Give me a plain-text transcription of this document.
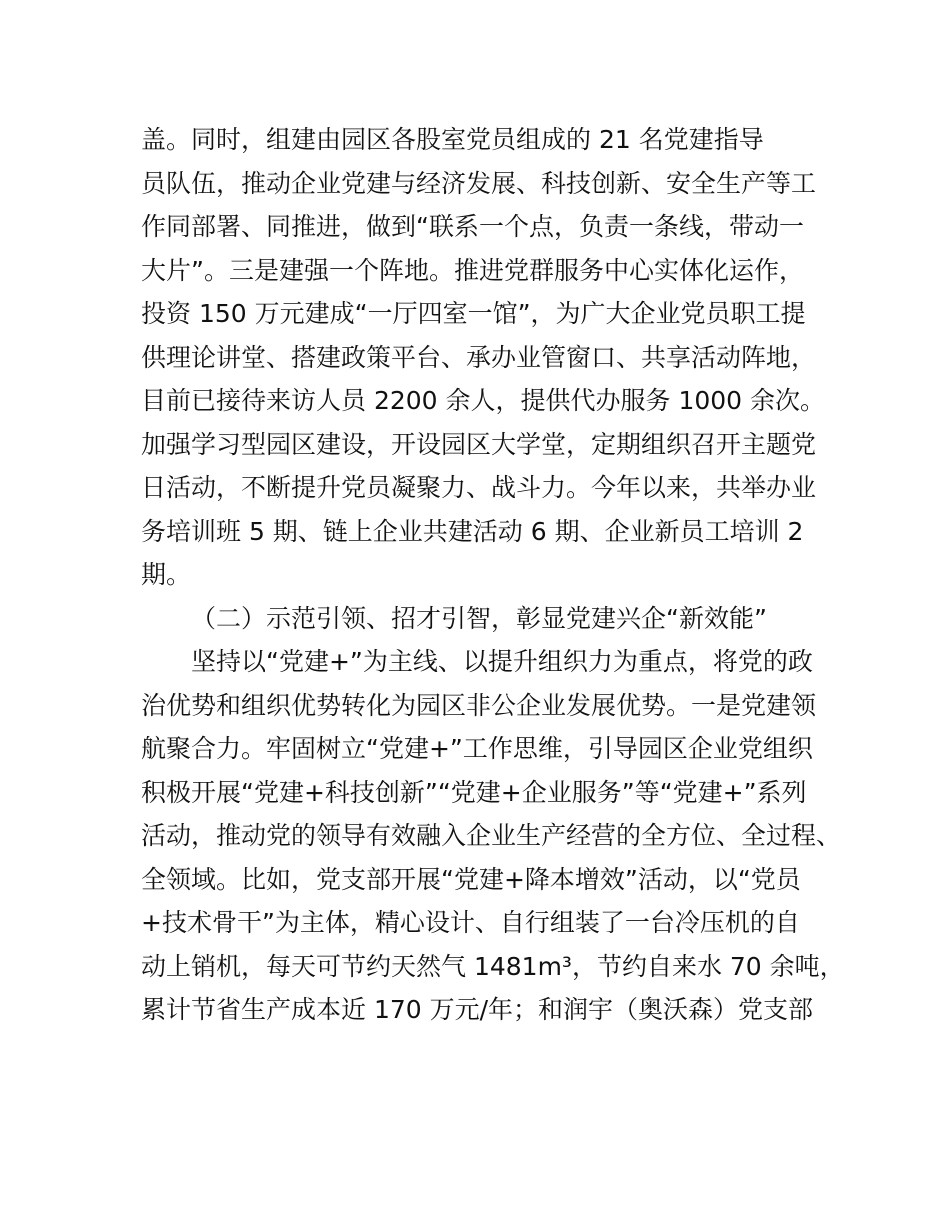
盖。同时，组建由园区各股室党员组成的 21 名党建指导
员队伍，推动企业党建与经济发展、科技创新、安全生产等工
作同部署、同推进，做到“联系一个点，负责一条线，带动一
大片”。三是建强一个阵地。推进党群服务中心实体化运作，
投资 150 万元建成“一厅四室一馆”，为广大企业党员职工提
供理论讲堂、搭建政策平台、承办业管窗口、共享活动阵地，
目前已接待来访人员 2200 余人，提供代办服务 1000 余次。
加强学习型园区建设，开设园区大学堂，定期组织召开主题党
日活动，不断提升党员凝聚力、战斗力。今年以来，共举办业
务培训班 5 期、链上企业共建活动 6 期、企业新员工培训 2
期。
（二）示范引领、招才引智，彰显党建兴企“新效能”
坚持以“党建+”为主线、以提升组织力为重点，将党的政
治优势和组织优势转化为园区非公企业发展优势。一是党建领
航聚合力。牢固树立“党建+”工作思维，引导园区企业党组织
积极开展“党建+科技创新”“党建+企业服务”等“党建+”系列
活动，推动党的领导有效融入企业生产经营的全方位、全过程、
全领域。比如，党支部开展“党建+降本增效”活动，以“党员
+技术骨干”为主体，精心设计、自行组装了一台冷压机的自
动上销机，每天可节约天然气 1481m³，节约自来水 70 余吨，
累计节省生产成本近 170 万元/年；和润宇（奥沃森）党支部
